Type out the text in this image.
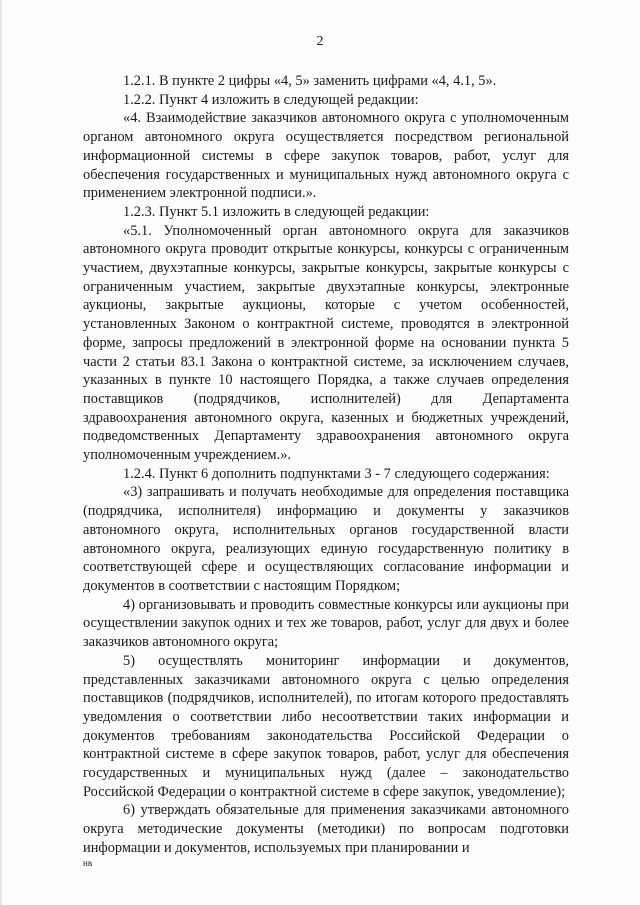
2

1.2.1. В пункте 2 цифры «4, 5» заменить цифрами «4, 4.1, 5».

1.2.2. Пункт 4 изложить в следующей редакции:

«4. Взаимодействие заказчиков автономного округа с уполномоченным органом автономного округа осуществляется посредством региональной информационной системы в сфере закупок товаров, работ, услуг для обеспечения государственных и муниципальных нужд автономного округа с применением электронной подписи.».

1.2.3. Пункт 5.1 изложить в следующей редакции:

«5.1. Уполномоченный орган автономного округа для заказчиков автономного округа проводит открытые конкурсы, конкурсы с ограниченным участием, двухэтапные конкурсы, закрытые конкурсы, закрытые конкурсы с ограниченным участием, закрытые двухэтапные конкурсы, электронные аукционы, закрытые аукционы, которые с учетом особенностей, установленных Законом о контрактной системе, проводятся в электронной форме, запросы предложений в электронной форме на основании пункта 5 части 2 статьи 83.1 Закона о контрактной системе, за исключением случаев, указанных в пункте 10 настоящего Порядка, а также случаев определения поставщиков (подрядчиков, исполнителей) для Департамента здравоохранения автономного округа, казенных и бюджетных учреждений, подведомственных Департаменту здравоохранения автономного округа уполномоченным учреждением.».

1.2.4. Пункт 6 дополнить подпунктами 3 - 7 следующего содержания:

«3) запрашивать и получать необходимые для определения поставщика (подрядчика, исполнителя) информацию и документы у заказчиков автономного округа, исполнительных органов государственной власти автономного округа, реализующих единую государственную политику в соответствующей сфере и осуществляющих согласование информации и документов в соответствии с настоящим Порядком;

4) организовывать и проводить совместные конкурсы или аукционы при осуществлении закупок одних и тех же товаров, работ, услуг для двух и более заказчиков автономного округа;

5) осуществлять мониторинг информации и документов, представленных заказчиками автономного округа с целью определения поставщиков (подрядчиков, исполнителей), по итогам которого предоставлять уведомления о соответствии либо несоответствии таких информации и документов требованиям законодательства Российской Федерации о контрактной системе в сфере закупок товаров, работ, услуг для обеспечения государственных и муниципальных нужд (далее – законодательство Российской Федерации о контрактной системе в сфере закупок, уведомление);

6) утверждать обязательные для применения заказчиками автономного округа методические документы (методики) по вопросам подготовки информации и документов, используемых при планировании и

нв
